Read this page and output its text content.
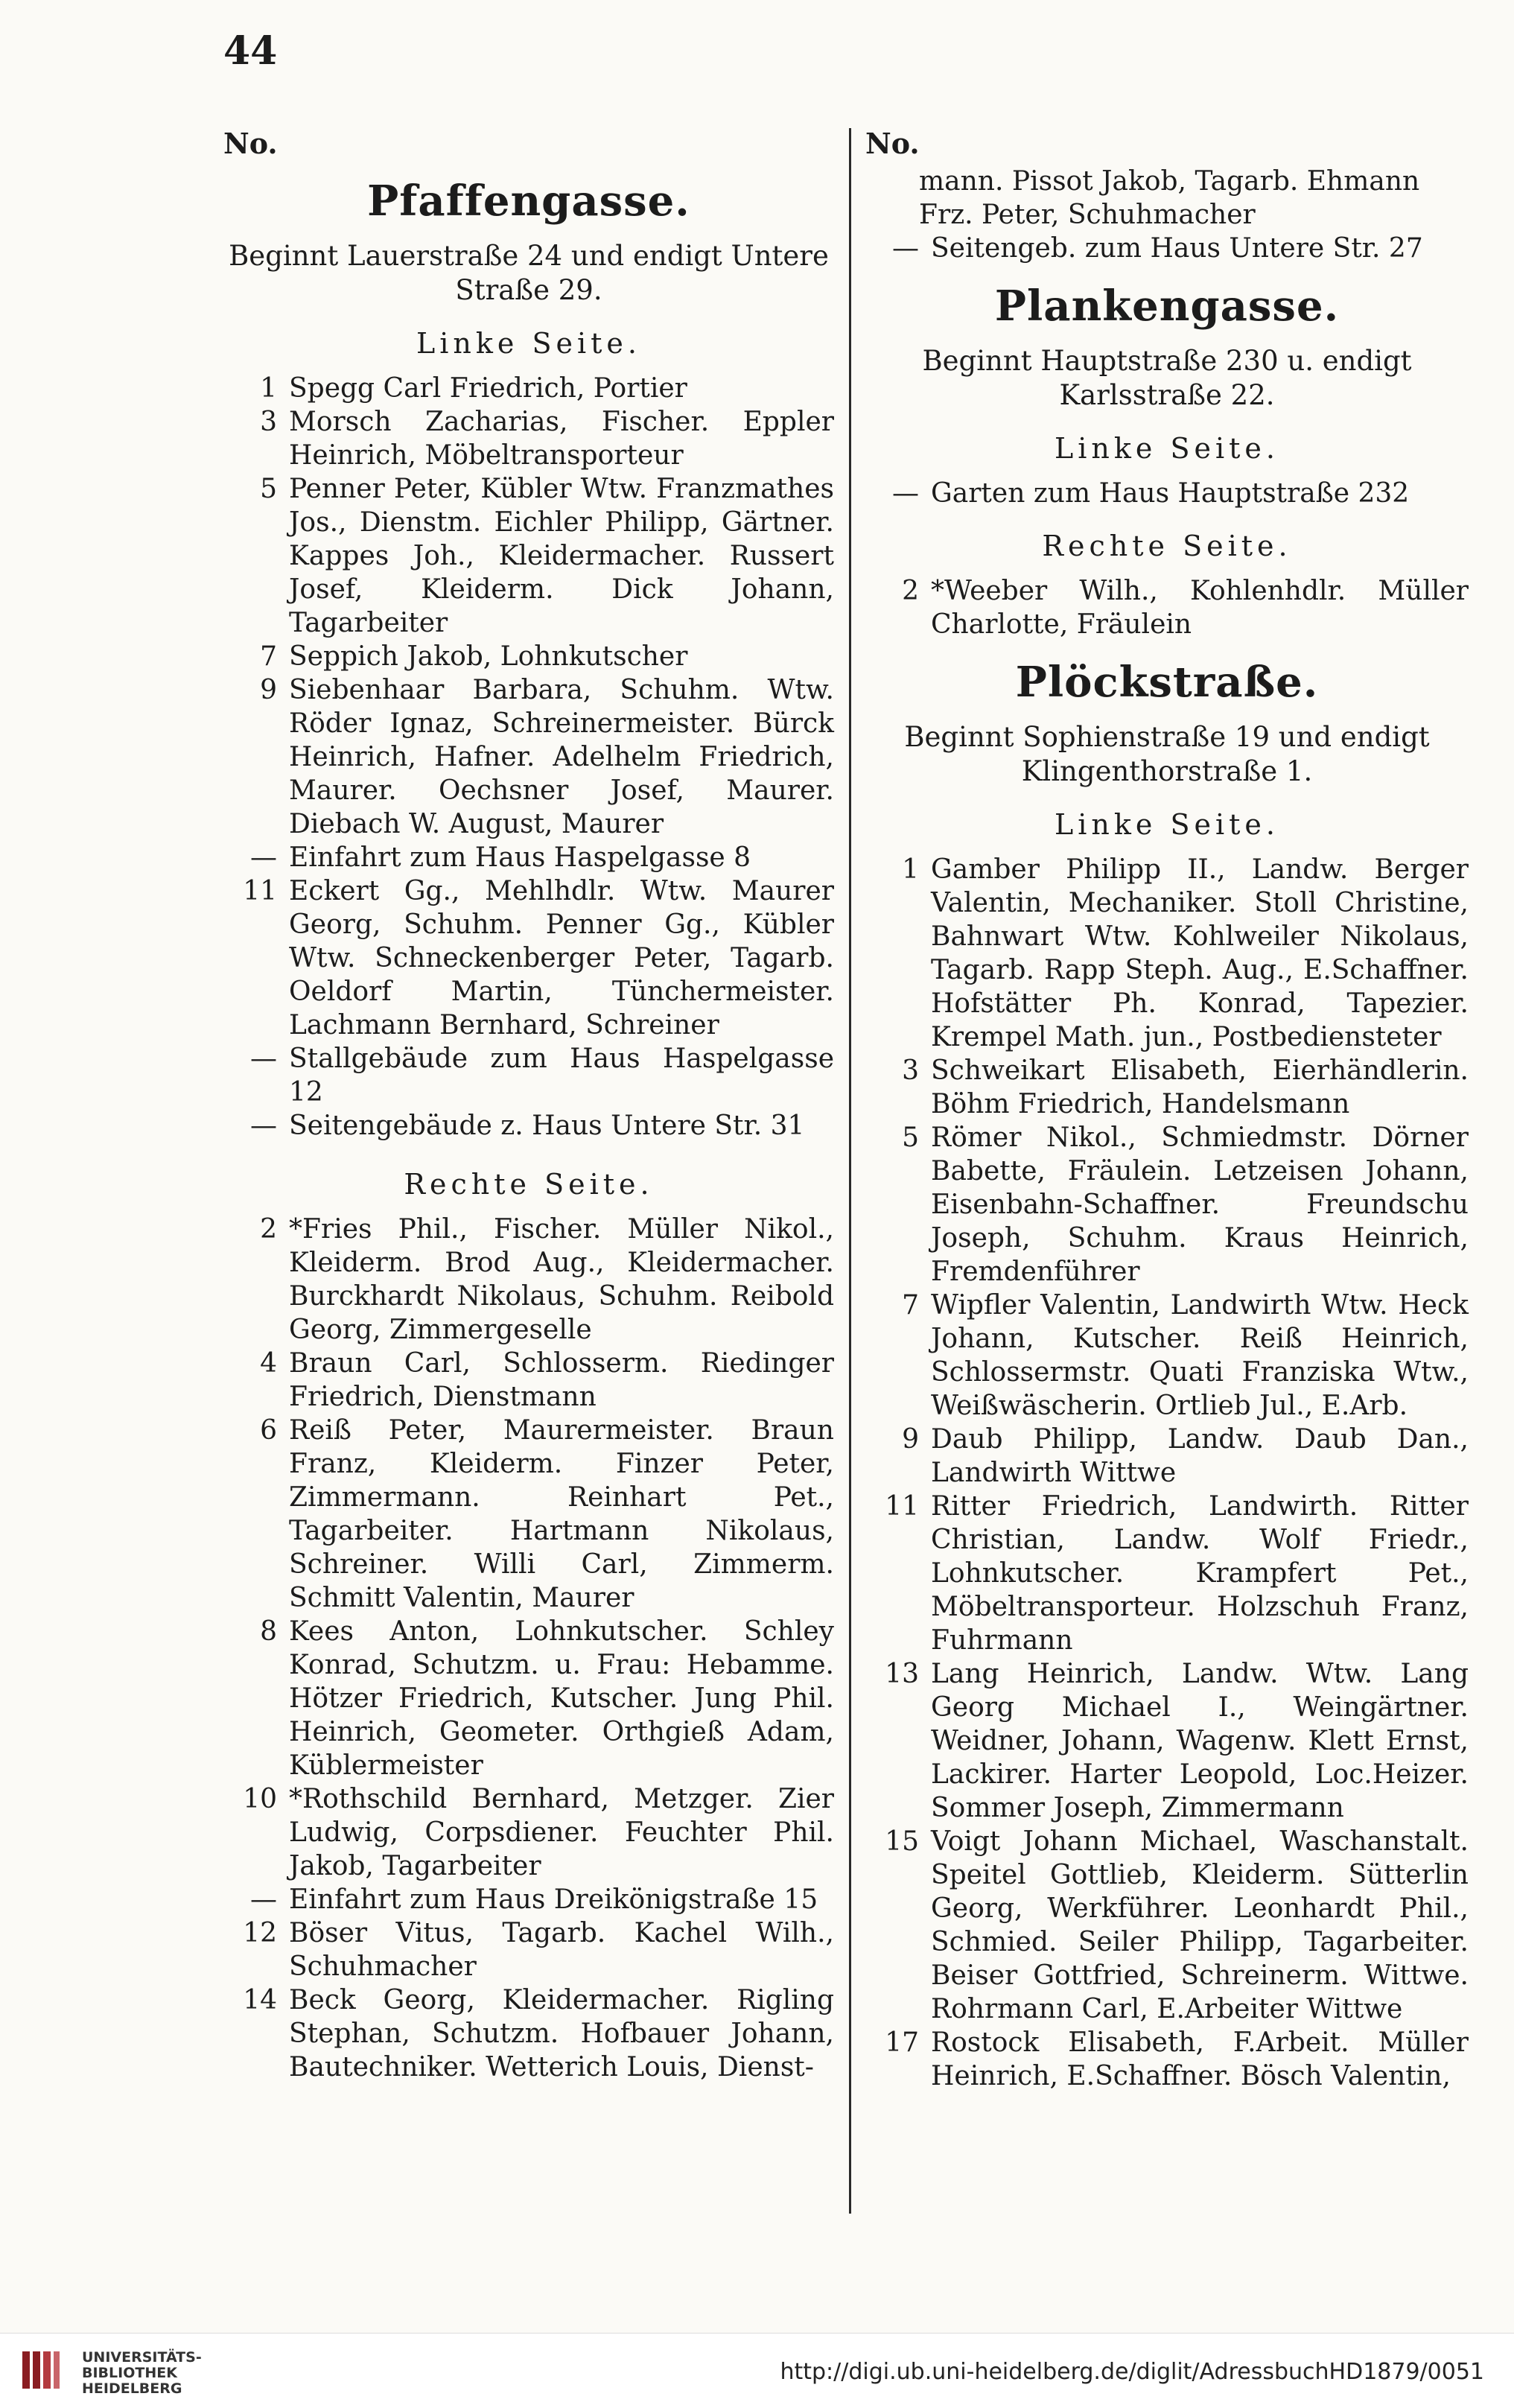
44
No.
Pfaffengasse.
Beginnt Lauerstraße 24 und endigt Untere Straße 29.
Linke Seite.
1 Spegg Carl Friedrich, Portier
3 Morsch Zacharias, Fischer. Eppler Heinrich, Möbeltransporteur
5 Penner Peter, Kübler Wtw. Franzmathes Jos., Dienstm. Eichler Philipp, Gärtner. Kappes Joh., Kleidermacher. Russert Josef, Kleiderm. Dick Johann, Tagarbeiter
7 Seppich Jakob, Lohnkutscher
9 Siebenhaar Barbara, Schuhm. Wtw. Röder Ignaz, Schreinermeister. Bürck Heinrich, Hafner. Adelhelm Friedrich, Maurer. Oechsner Josef, Maurer. Diebach W. August, Maurer
— Einfahrt zum Haus Haspelgasse 8
11 Eckert Gg., Mehlhdlr. Wtw. Maurer Georg, Schuhm. Penner Gg., Kübler Wtw. Schneckenberger Peter, Tagarb. Oeldorf Martin, Tünchermeister. Lachmann Bernhard, Schreiner
— Stallgebäude zum Haus Haspelgasse 12
— Seitengebäude z. Haus Untere Str. 31
Rechte Seite.
2 *Fries Phil., Fischer. Müller Nikol., Kleiderm. Brod Aug., Kleidermacher. Burckhardt Nikolaus, Schuhm. Reibold Georg, Zimmergeselle
4 Braun Carl, Schlosserm. Riedinger Friedrich, Dienstmann
6 Reiß Peter, Maurermeister. Braun Franz, Kleiderm. Finzer Peter, Zimmermann. Reinhart Pet., Tagarbeiter. Hartmann Nikolaus, Schreiner. Willi Carl, Zimmerm. Schmitt Valentin, Maurer
8 Kees Anton, Lohnkutscher. Schley Konrad, Schutzm. u. Frau: Hebamme. Hötzer Friedrich, Kutscher. Jung Phil. Heinrich, Geometer. Orthgieß Adam, Küblermeister
10 *Rothschild Bernhard, Metzger. Zier Ludwig, Corpsdiener. Feuchter Phil. Jakob, Tagarbeiter
— Einfahrt zum Haus Dreikönigstraße 15
12 Böser Vitus, Tagarb. Kachel Wilh., Schuhmacher
14 Beck Georg, Kleidermacher. Rigling Stephan, Schutzm. Hofbauer Johann, Bautechniker. Wetterich Louis, Dienst-
No.
mann. Pissot Jakob, Tagarb. Ehmann Frz. Peter, Schuhmacher
— Seitengeb. zum Haus Untere Str. 27
Plankengasse.
Beginnt Hauptstraße 230 u. endigt Karlsstraße 22.
Linke Seite.
— Garten zum Haus Hauptstraße 232
Rechte Seite.
2 *Weeber Wilh., Kohlenhdlr. Müller Charlotte, Fräulein
Plöckstraße.
Beginnt Sophienstraße 19 und endigt Klingenthorstraße 1.
Linke Seite.
1 Gamber Philipp II., Landw. Berger Valentin, Mechaniker. Stoll Christine, Bahnwart Wtw. Kohlweiler Nikolaus, Tagarb. Rapp Steph. Aug., E.Schaffner. Hofstätter Ph. Konrad, Tapezier. Krempel Math. jun., Postbediensteter
3 Schweikart Elisabeth, Eierhändlerin. Böhm Friedrich, Handelsmann
5 Römer Nikol., Schmiedmstr. Dörner Babette, Fräulein. Letzeisen Johann, Eisenbahn-Schaffner. Freundschu Joseph, Schuhm. Kraus Heinrich, Fremdenführer
7 Wipfler Valentin, Landwirth Wtw. Heck Johann, Kutscher. Reiß Heinrich, Schlossermstr. Quati Franziska Wtw., Weißwäscherin. Ortlieb Jul., E.Arb.
9 Daub Philipp, Landw. Daub Dan., Landwirth Wittwe
11 Ritter Friedrich, Landwirth. Ritter Christian, Landw. Wolf Friedr., Lohnkutscher. Krampfert Pet., Möbeltransporteur. Holzschuh Franz, Fuhrmann
13 Lang Heinrich, Landw. Wtw. Lang Georg Michael I., Weingärtner. Weidner, Johann, Wagenw. Klett Ernst, Lackirer. Harter Leopold, Loc.Heizer. Sommer Joseph, Zimmermann
15 Voigt Johann Michael, Waschanstalt. Speitel Gottlieb, Kleiderm. Sütterlin Georg, Werkführer. Leonhardt Phil., Schmied. Seiler Philipp, Tagarbeiter. Beiser Gottfried, Schreinerm. Wittwe. Rohrmann Carl, E.Arbeiter Wittwe
17 Rostock Elisabeth, F.Arbeit. Müller Heinrich, E.Schaffner. Bösch Valentin,
UNIVERSITÄTS-
BIBLIOTHEK
HEIDELBERG
http://digi.ub.uni-heidelberg.de/diglit/AdressbuchHD1879/0051
